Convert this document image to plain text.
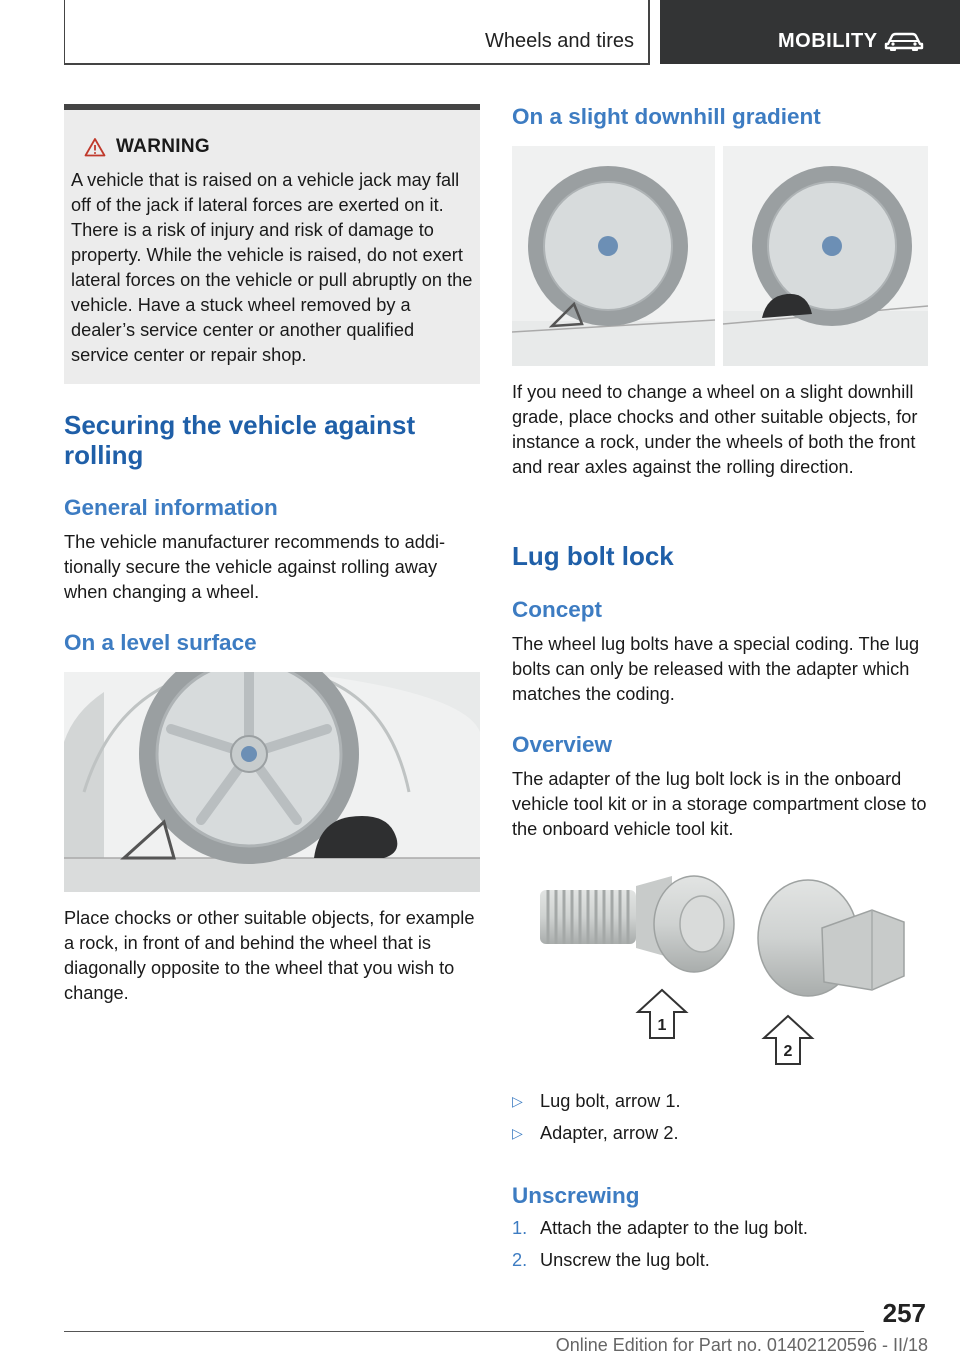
Wheels and tires	MOBILITY
WARNING
A vehicle that is raised on a vehicle jack may fall off of the jack if lateral forces are exerted on it. There is a risk of injury and risk of damage to property. While the vehicle is raised, do not exert lateral forces on the vehicle or pull abruptly on the vehicle. Have a stuck wheel removed by a dealer’s service center or another qualified service center or repair shop.
Securing the vehicle against rolling
General information
The vehicle manufacturer recommends to additionally secure the vehicle against rolling away when changing a wheel.
On a level surface
Place chocks or other suitable objects, for example a rock, in front of and behind the wheel that is diagonally opposite to the wheel that you wish to change.
On a slight downhill gradient
If you need to change a wheel on a slight downhill grade, place chocks and other suitable objects, for instance a rock, under the wheels of both the front and rear axles against the rolling direction.
Lug bolt lock
Concept
The wheel lug bolts have a special coding. The lug bolts can only be released with the adapter which matches the coding.
Overview
The adapter of the lug bolt lock is in the onboard vehicle tool kit or in a storage compartment close to the onboard vehicle tool kit.
1
2
▷ Lug bolt, arrow 1.
▷ Adapter, arrow 2.
Unscrewing
1. Attach the adapter to the lug bolt.
2. Unscrew the lug bolt.
257
Online Edition for Part no. 01402120596 - II/18
